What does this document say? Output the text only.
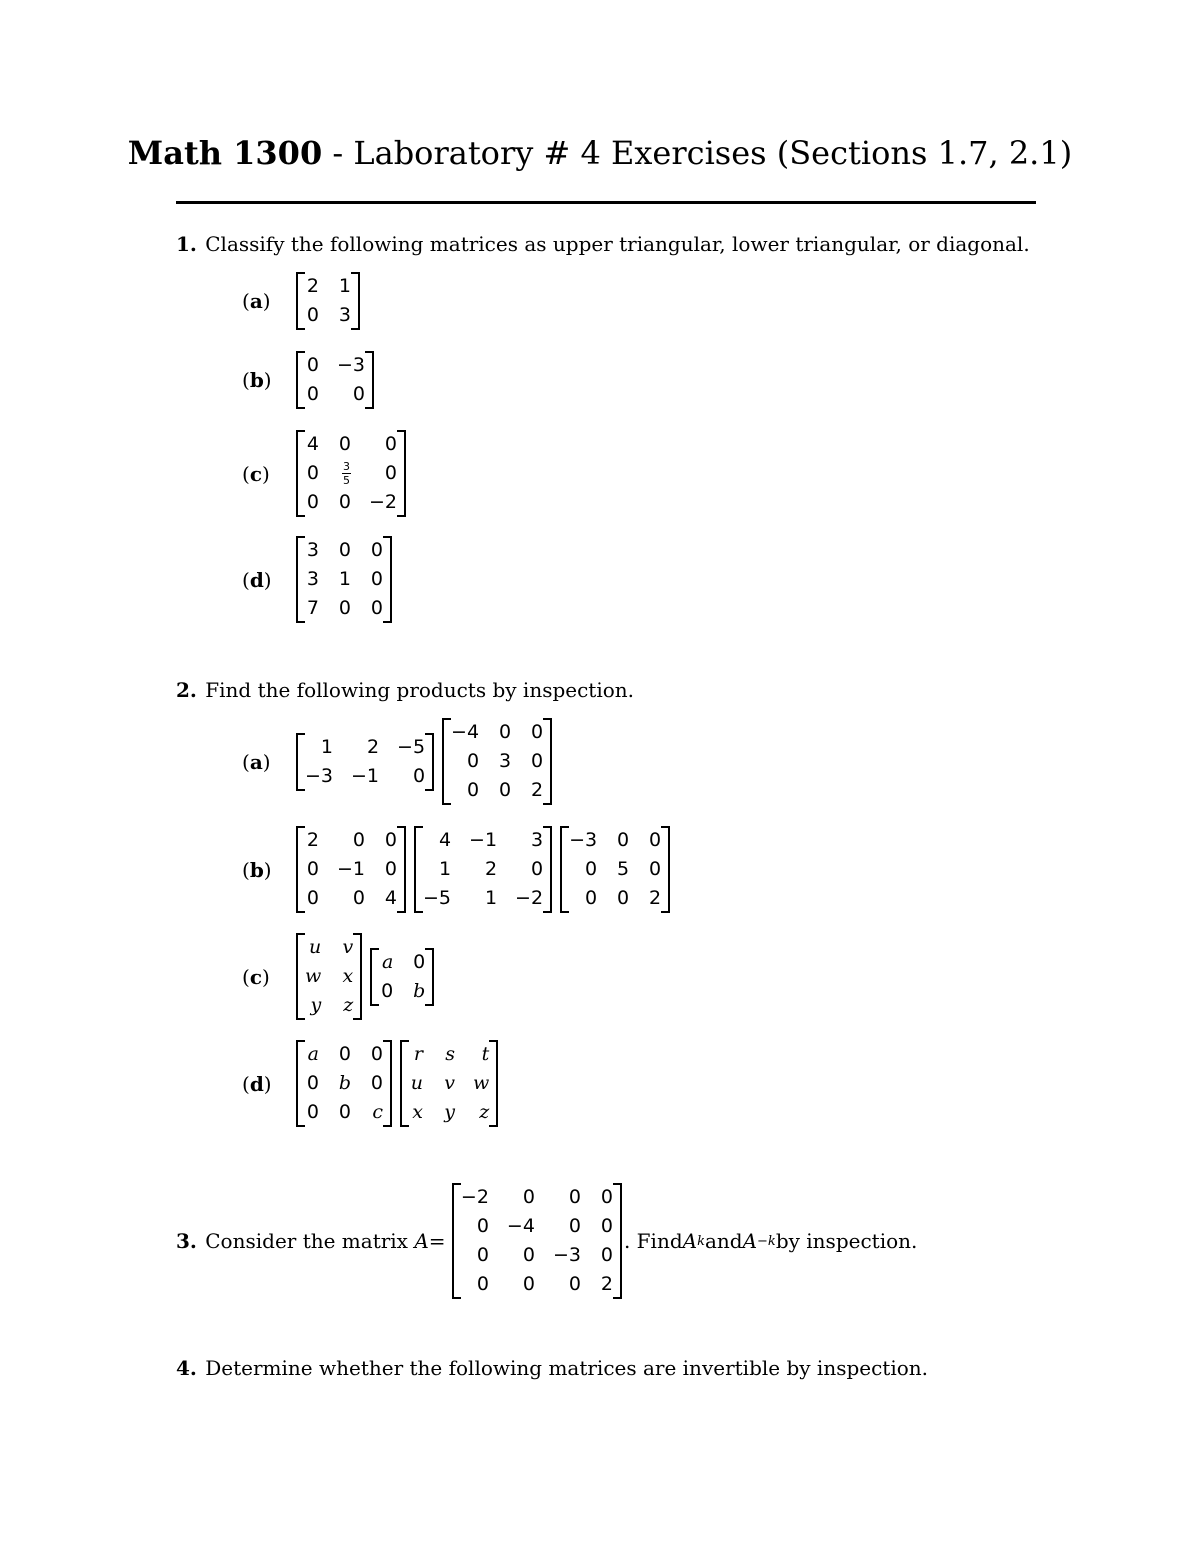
Math 1300 - Laboratory # 4 Exercises (Sections 1.7, 2.1)
1.
Classify the following matrices as upper triangular, lower triangular, or diagonal.
(a)
2 1
0 3
(b)
0 −3
0	0
(c)
4 0	0
$0 \frac{3}{5}$	0
0 0 −2
(d)
3 0 0
3 1 0
7 0 0
2.
Find the following products by inspection.
(a)
1	2 −5
−3 −1	0
−4 0 0
0 3 0
0 0 2
(b)
2	0 0
0 −1 0
0	0 4
4 −1	3
1	2	0
−5	1 −2
−3 0 0
0 5 0
0 0 2
(c)
u v
w x
y z
a 0
0 b
(d)
a 0 0
0 b 0
0 0 c
r s	t
u v w
x y	z
3.
Consider the matrix
A =

−2	0	0 0
0 −4	0 0
0	0 −3 0
0	0	0 2
. Find A k and A −k by inspection.
4.
Determine whether the following matrices are invertible by inspection.
